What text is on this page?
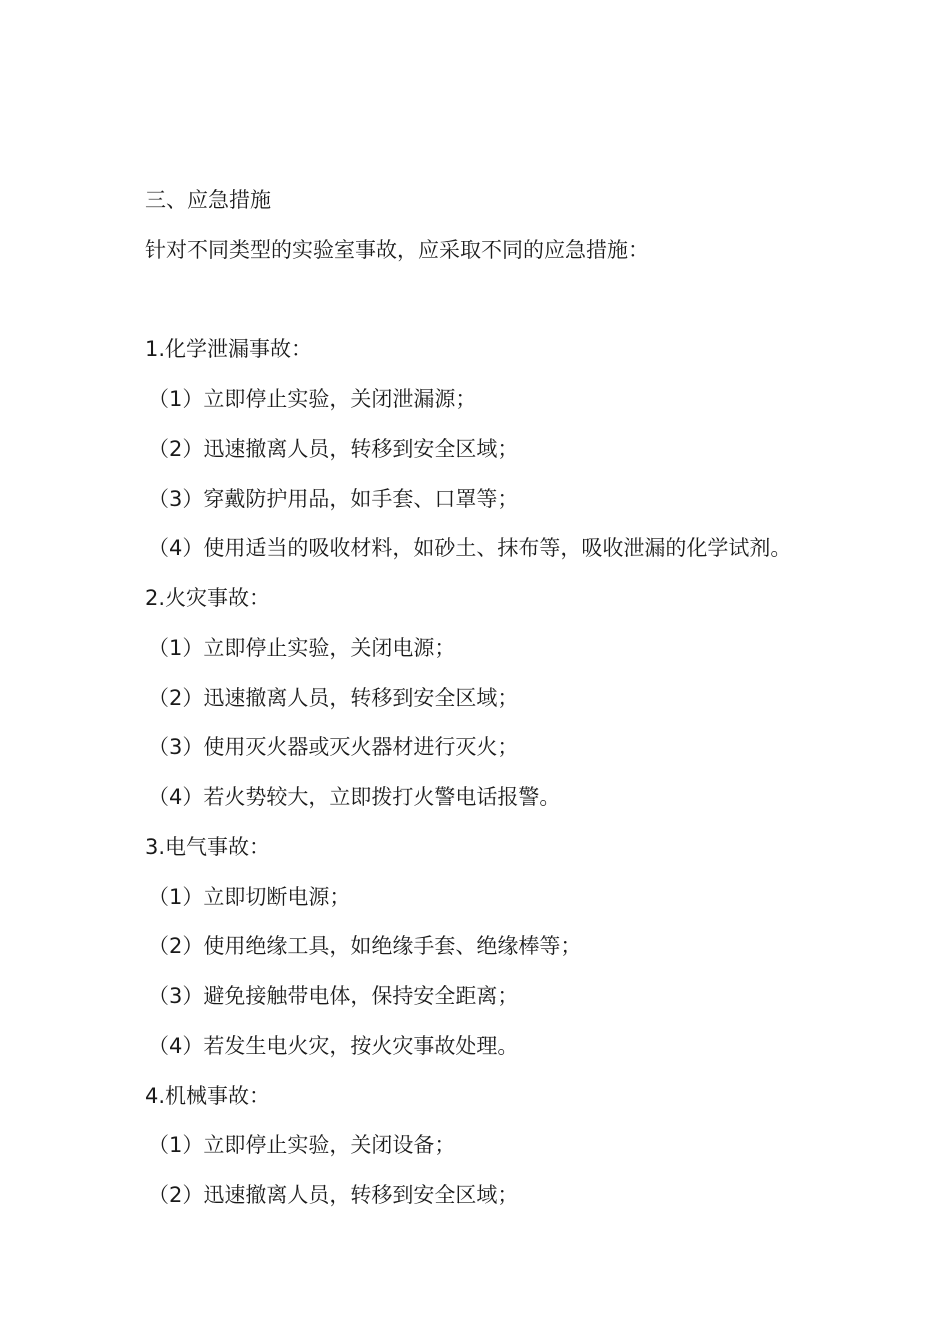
三、应急措施
针对不同类型的实验室事故，应采取不同的应急措施：
1.化学泄漏事故：
（1）立即停止实验，关闭泄漏源；
（2）迅速撤离人员，转移到安全区域；
（3）穿戴防护用品，如手套、口罩等；
（4）使用适当的吸收材料，如砂土、抹布等，吸收泄漏的化学试剂。
2.火灾事故：
（1）立即停止实验，关闭电源；
（2）迅速撤离人员，转移到安全区域；
（3）使用灭火器或灭火器材进行灭火；
（4）若火势较大，立即拨打火警电话报警。
3.电气事故：
（1）立即切断电源；
（2）使用绝缘工具，如绝缘手套、绝缘棒等；
（3）避免接触带电体，保持安全距离；
（4）若发生电火灾，按火灾事故处理。
4.机械事故：
（1）立即停止实验，关闭设备；
（2）迅速撤离人员，转移到安全区域；
